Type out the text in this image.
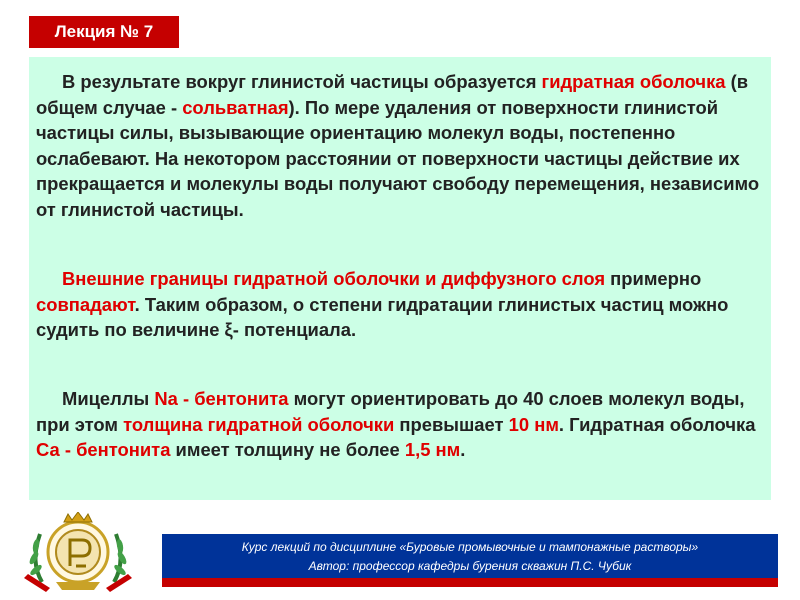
Лекция № 7

В результате вокруг глинистой частицы образуется гидратная оболочка (в общем случае - сольватная). По мере удаления от поверхности глинистой частицы силы, вызывающие ориентацию молекул воды, постепенно ослабевают. На некотором расстоянии от поверхности частицы действие их прекращается и молекулы воды получают свободу перемещения, независимо от глинистой частицы.

Внешние границы гидратной оболочки и диффузного слоя примерно совпадают. Таким образом, о степени гидратации глинистых частиц можно судить по величине ξ- потенциала.

Мицеллы Na - бентонита могут ориентировать до 40 слоев молекул воды, при этом толщина гидратной оболочки превышает 10 нм. Гидратная оболочка Са - бентонита имеет толщину не более 1,5 нм.

Курс лекций по дисциплине «Буровые промывочные и тампонажные растворы»
Автор: профессор кафедры бурения скважин П.С. Чубик
